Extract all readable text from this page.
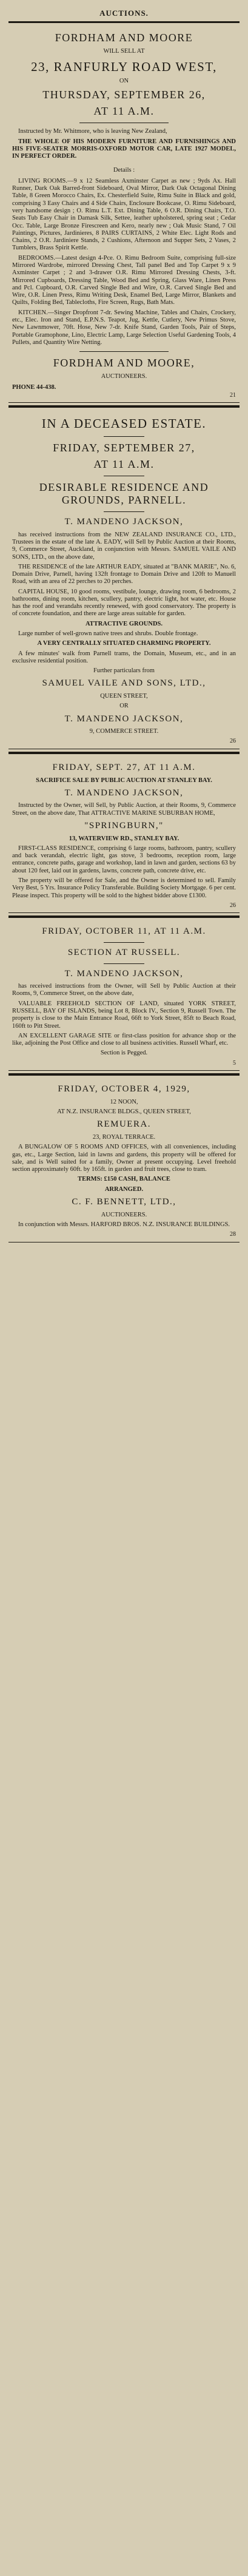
AUCTIONS.
FORDHAM AND MOORE

WILL SELL AT

23, RANFURLY ROAD WEST,

ON

THURSDAY, SEPTEMBER 26,
AT 11 A.M.

Instructed by Mr. Whitmore, who is leaving New Zealand,

THE WHOLE OF HIS MODERN FURNITURE AND FURNISHINGS AND HIS FIVE-SEATER MORRIS-OXFORD MOTOR CAR, LATE 1927 MODEL, IN PERFECT ORDER.

Details :

LIVING ROOMS.—9 x 12 Seamless Axminster Carpet as new ; 9yds Ax. Hall Runner, Dark Oak Barred-front Sideboard, Oval Mirror, Dark Oak Octagonal Dining Table, 8 Green Morocco Chairs, Ex. Chesterfield Suite, Rimu Suite in Black and gold, comprising 3 Easy Chairs and 4 Side Chairs, Enclosure Bookcase, O. Rimu Sideboard, very handsome design ; O. Rimu L.T. Ext. Dining Table, 6 O.R. Dining Chairs, T.O. Seats Tub Easy Chair in Damask Silk, Settee, leather upholstered, spring seat ; Cedar Occ. Table, Large Bronze Firescreen and Kero, nearly new ; Oak Music Stand, 7 Oil Paintings, Pictures, Jardinieres, 8 PAIRS CURTAINS, 2 White Elec. Light Rods and Chains, 2 O.R. Jardiniere Stands, 2 Cushions, Afternoon and Supper Sets, 2 Vases, 2 Tumblers, Brass Spirit Kettle.

BEDROOMS.—Latest design 4-Pce. O. Rimu Bedroom Suite, comprising full-size Mirrored Wardrobe, mirrored Dressing Chest, Tall panel Bed and Top Carpet 9 x 9 Axminster Carpet ; 2 and 3-drawer O.R. Rimu Mirrored Dressing Chests, 3-ft. Mirrored Cupboards, Dressing Table, Wood Bed and Spring, Glass Ware, Linen Press and Pcl. Cupboard, O.R. Carved Single Bed and Wire, O.R. Carved Single Bed and Wire, O.R. Linen Press, Rimu Writing Desk, Enamel Bed, Large Mirror, Blankets and Quilts, Folding Bed, Tablecloths, Fire Screen, Rugs, Bath Mats.

KITCHEN.—Singer Dropfront 7-dr. Sewing Machine, Tables and Chairs, Crockery, etc., Elec. Iron and Stand, E.P.N.S. Teapot, Jug, Kettle, Cutlery, New Primus Stove, New Lawnmower, 70ft. Hose, New 7-dr. Knife Stand, Garden Tools, Pair of Steps, Portable Gramophone, Lino, Electric Lamp, Large Selection Useful Gardening Tools, 4 Pullets, and Quantity Wire Netting.

FORDHAM AND MOORE,

AUCTIONEERS.

PHONE 44-438.
21
IN A DECEASED ESTATE.
FRIDAY, SEPTEMBER 27,
AT 11 A.M.
DESIRABLE RESIDENCE AND GROUNDS, PARNELL.
T. MANDENO JACKSON,

has received instructions from the NEW ZEALAND INSURANCE CO., LTD., Trustees in the estate of the late A. EADY, will Sell by Public Auction at their Rooms, 9, Commerce Street, Auckland, in conjunction with Messrs. SAMUEL VAILE AND SONS, LTD., on the above date,

THE RESIDENCE of the late ARTHUR EADY, situated at "BANK MARIE", No. 6, Domain Drive, Parnell, having 132ft frontage to Domain Drive and 120ft to Manuell Road, with an area of 22 perches to 20 perches.

CAPITAL HOUSE, 10 good rooms, vestibule, lounge, drawing room, 6 bedrooms, 2 bathrooms, dining room, kitchen, scullery, pantry, electric light, hot water, etc. House has the roof and verandahs recently renewed, with good conservatory. The property is of concrete foundation, and there are large areas suitable for garden.

ATTRACTIVE GROUNDS.

Large number of well-grown native trees and shrubs. Double frontage.

A VERY CENTRALLY SITUATED CHARMING PROPERTY.

A few minutes' walk from Parnell trams, the Domain, Museum, etc., and in an exclusive residential position.

Further particulars from

SAMUEL VAILE AND SONS, LTD.,

QUEEN STREET,

OR

T. MANDENO JACKSON,

9, COMMERCE STREET.

26
FRIDAY, SEPT. 27, AT 11 A.M.

SACRIFICE SALE BY PUBLIC AUCTION AT STANLEY BAY.

T. MANDENO JACKSON,

Instructed by the Owner, will Sell, by Public Auction, at their Rooms, 9, Commerce Street, on the above date, That ATTRACTIVE MARINE SUBURBAN HOME,

"SPRINGBURN,"

13, WATERVIEW RD., STANLEY BAY.

FIRST-CLASS RESIDENCE, comprising 6 large rooms, bathroom, pantry, scullery and back verandah, electric light, gas stove, 3 bedrooms, reception room, large entrance, concrete paths, garage and workshop, land in lawn and garden, sections 63 by about 120 feet, laid out in gardens, lawns, concrete path, concrete drive, etc.

The property will be offered for Sale, and the Owner is determined to sell. Family Very Best, 5 Yrs. Insurance Policy Transferable. Building Society Mortgage. 6 per cent. Please inspect. This property will be sold to the highest bidder above £1300.

26
FRIDAY, OCTOBER 11, AT 11 A.M.
SECTION AT RUSSELL.
T. MANDENO JACKSON,

has received instructions from the Owner, will Sell by Public Auction at their Rooms, 9, Commerce Street, on the above date,

VALUABLE FREEHOLD SECTION OF LAND, situated YORK STREET, RUSSELL, BAY OF ISLANDS, being Lot 8, Block IV., Section 9, Russell Town. The property is close to the Main Entrance Road, 66ft to York Street, 85ft to Beach Road, 160ft to Pitt Street.

AN EXCELLENT GARAGE SITE or first-class position for advance shop or the like, adjoining the Post Office and close to all business activities. Russell Wharf, etc.

Section is Pegged.

5
FRIDAY, OCTOBER 4, 1929,

12 NOON,

AT N.Z. INSURANCE BLDGS., QUEEN STREET,

REMUERA.

23, ROYAL TERRACE.

A BUNGALOW OF 5 ROOMS AND OFFICES, with all conveniences, including gas, etc., Large Section, laid in lawns and gardens, this property will be offered for sale, and is Well suited for a family, Owner at present occupying. Level freehold section approximately 60ft. by 165ft. in garden and fruit trees, close to tram.

TERMS: £150 CASH, BALANCE

ARRANGED.

C. F. BENNETT, LTD.,

AUCTIONEERS.

In conjunction with Messrs. HARFORD BROS. N.Z. INSURANCE BUILDINGS.

28
